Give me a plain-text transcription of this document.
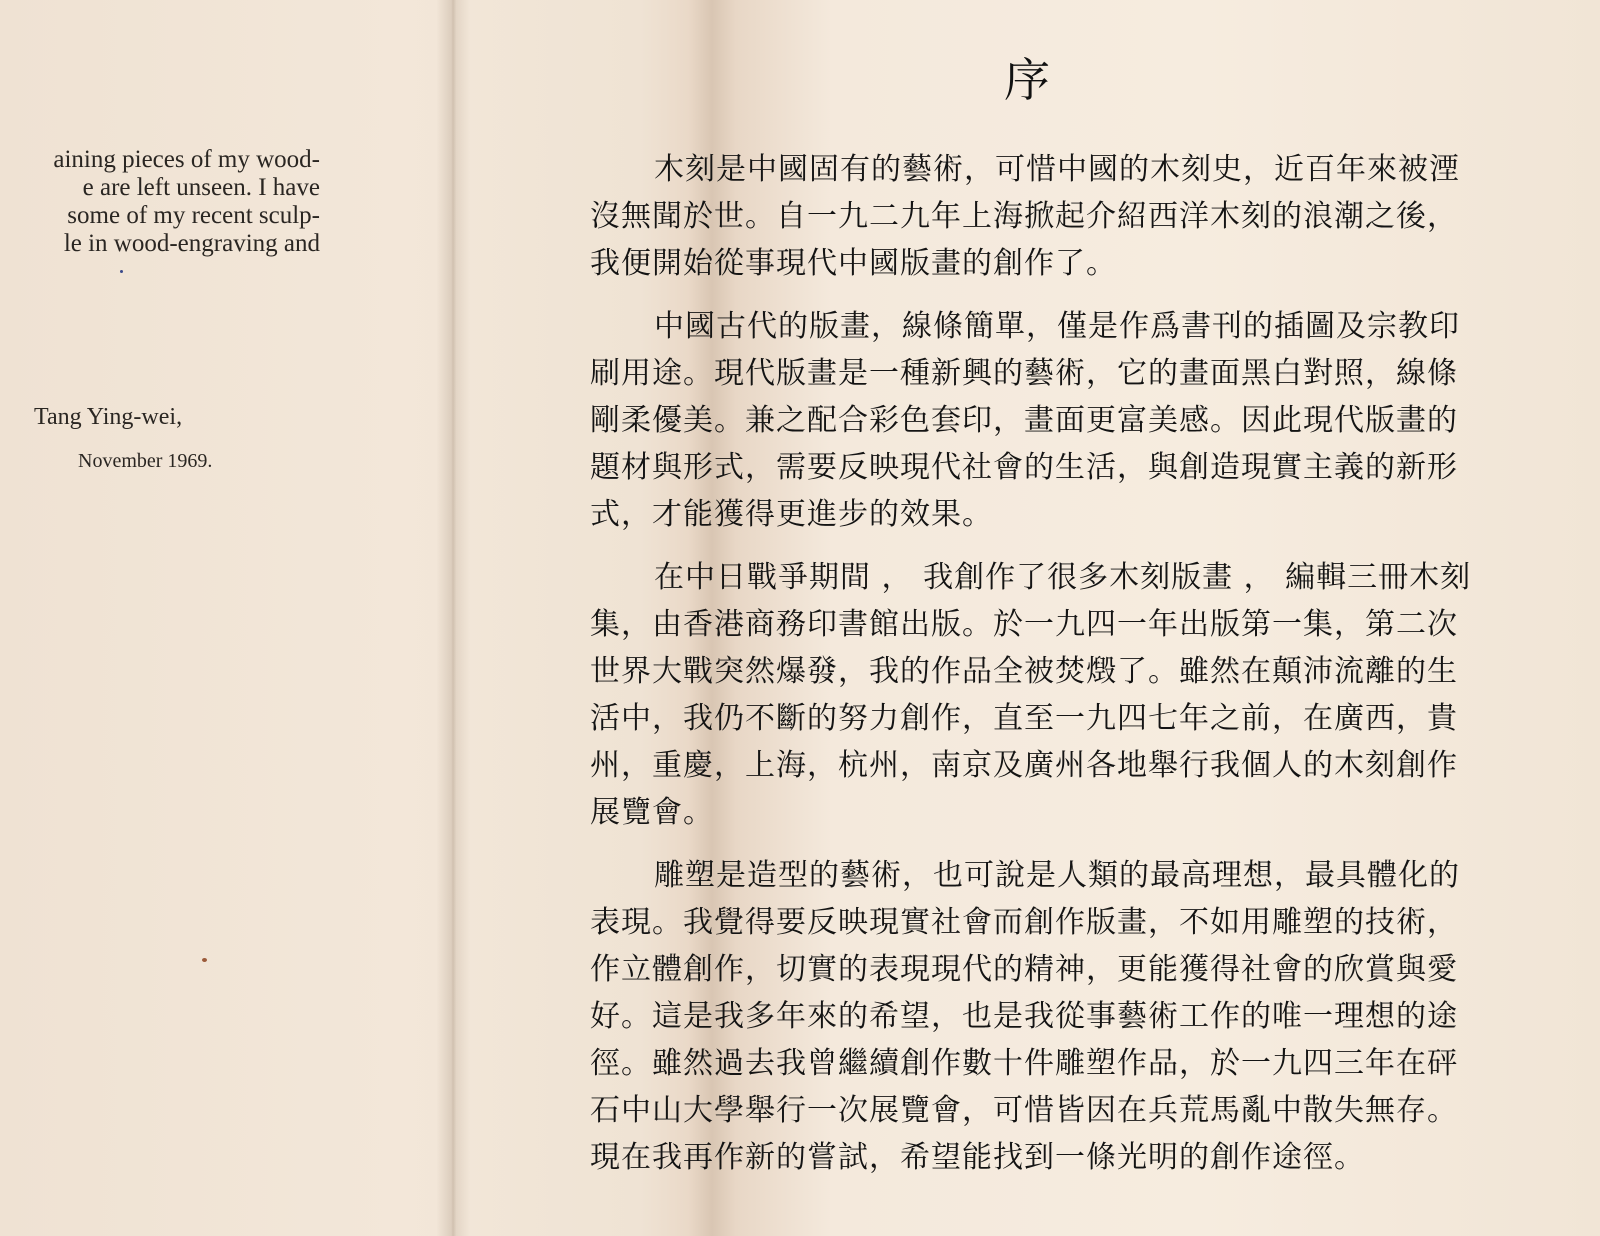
aining pieces of my wood-
e are left unseen. I have
some of my recent sculp-
le in wood-engraving and
Tang Ying-wei,
November 1969.
序
木刻是中國固有的藝術，可惜中國的木刻史，近百年來被湮
沒無聞於世。自一九二九年上海掀起介紹西洋木刻的浪潮之後，
我便開始從事現代中國版畫的創作了。
中國古代的版畫，線條簡單，僅是作爲書刊的插圖及宗教印
刷用途。現代版畫是一種新興的藝術，它的畫面黑白對照，線條
剛柔優美。兼之配合彩色套印，畫面更富美感。因此現代版畫的
題材與形式，需要反映現代社會的生活，與創造現實主義的新形
式，才能獲得更進步的效果。
在中日戰爭期間 ， 我創作了很多木刻版畫 ， 編輯三冊木刻
集，由香港商務印書館出版。於一九四一年出版第一集，第二次
世界大戰突然爆發，我的作品全被焚燬了。雖然在顛沛流離的生
活中，我仍不斷的努力創作，直至一九四七年之前，在廣西，貴
州，重慶，上海，杭州，南京及廣州各地舉行我個人的木刻創作
展覽會。
雕塑是造型的藝術，也可說是人類的最高理想，最具體化的
表現。我覺得要反映現實社會而創作版畫，不如用雕塑的技術，
作立體創作，切實的表現現代的精神，更能獲得社會的欣賞與愛
好。這是我多年來的希望，也是我從事藝術工作的唯一理想的途
徑。雖然過去我曾繼續創作數十件雕塑作品，於一九四三年在砰
石中山大學舉行一次展覽會，可惜皆因在兵荒馬亂中散失無存。
現在我再作新的嘗試，希望能找到一條光明的創作途徑。
